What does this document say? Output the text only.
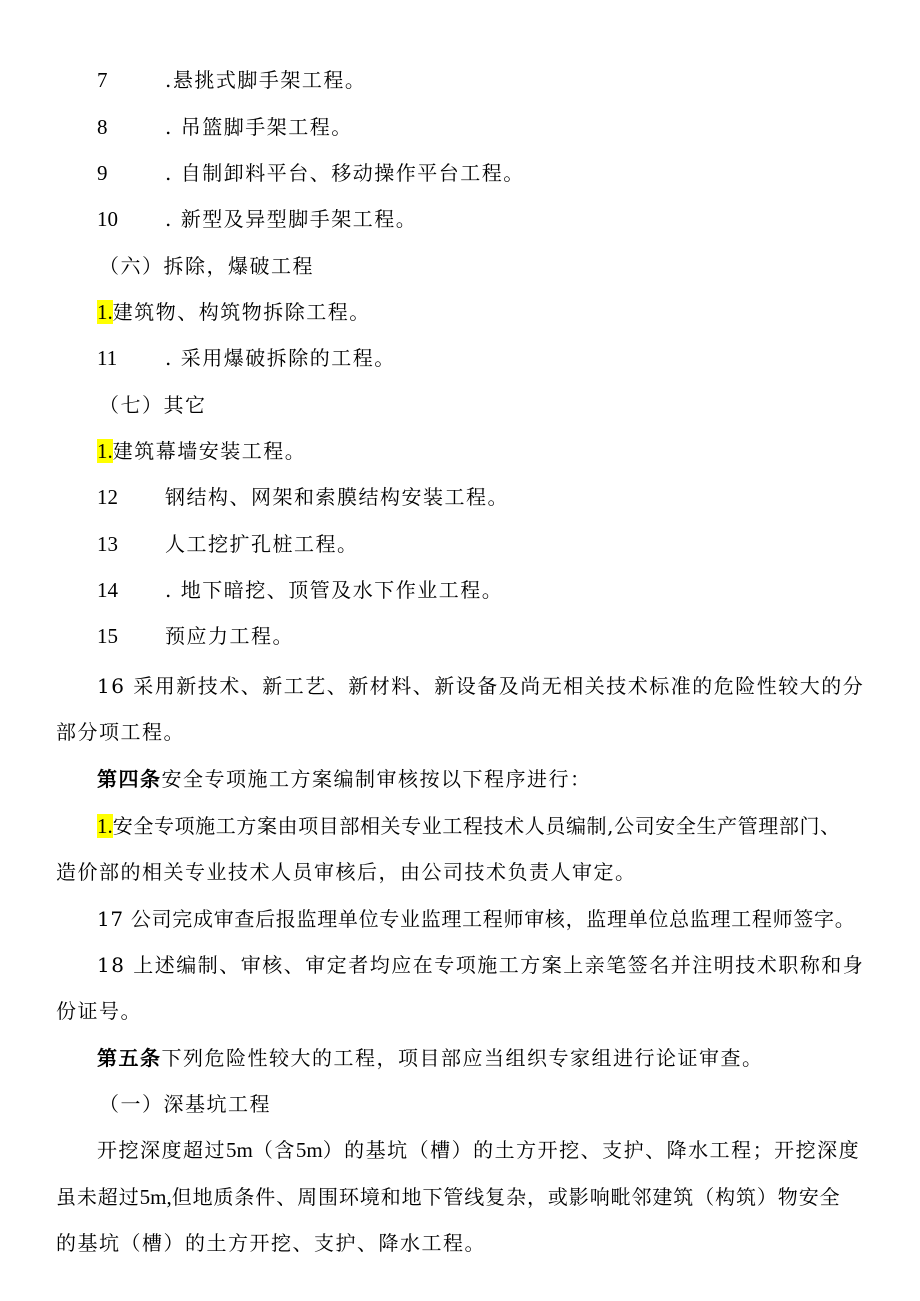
7	.悬挑式脚手架工程。
8	. 吊篮脚手架工程。
9	. 自制卸料平台、移动操作平台工程。
10 . 新型及异型脚手架工程。
（六）拆除，爆破工程
1.建筑物、构筑物拆除工程。
11 . 采用爆破拆除的工程。
（七）其它
1.建筑幕墙安装工程。
12 钢结构、网架和索膜结构安装工程。
13 人工挖扩孔桩工程。
14 . 地下暗挖、顶管及水下作业工程。
15 预应力工程。
16 采用新技术、新工艺、新材料、新设备及尚无相关技术标准的危险性较大的分
部分项工程。
第四条安全专项施工方案编制审核按以下程序进行：
1.安全专项施工方案由项目部相关专业工程技术人员编制,公司安全生产管理部门、
造价部的相关专业技术人员审核后，由公司技术负责人审定。
17 公司完成审查后报监理单位专业监理工程师审核，监理单位总监理工程师签字。
18 上述编制、审核、审定者均应在专项施工方案上亲笔签名并注明技术职称和身
份证号。
第五条下列危险性较大的工程，项目部应当组织专家组进行论证审查。
（一）深基坑工程
开挖深度超过5m（含5m）的基坑（槽）的土方开挖、支护、降水工程；开挖深度
虽未超过5m,但地质条件、周围环境和地下管线复杂，或影响毗邻建筑（构筑）物安全
的基坑（槽）的土方开挖、支护、降水工程。
